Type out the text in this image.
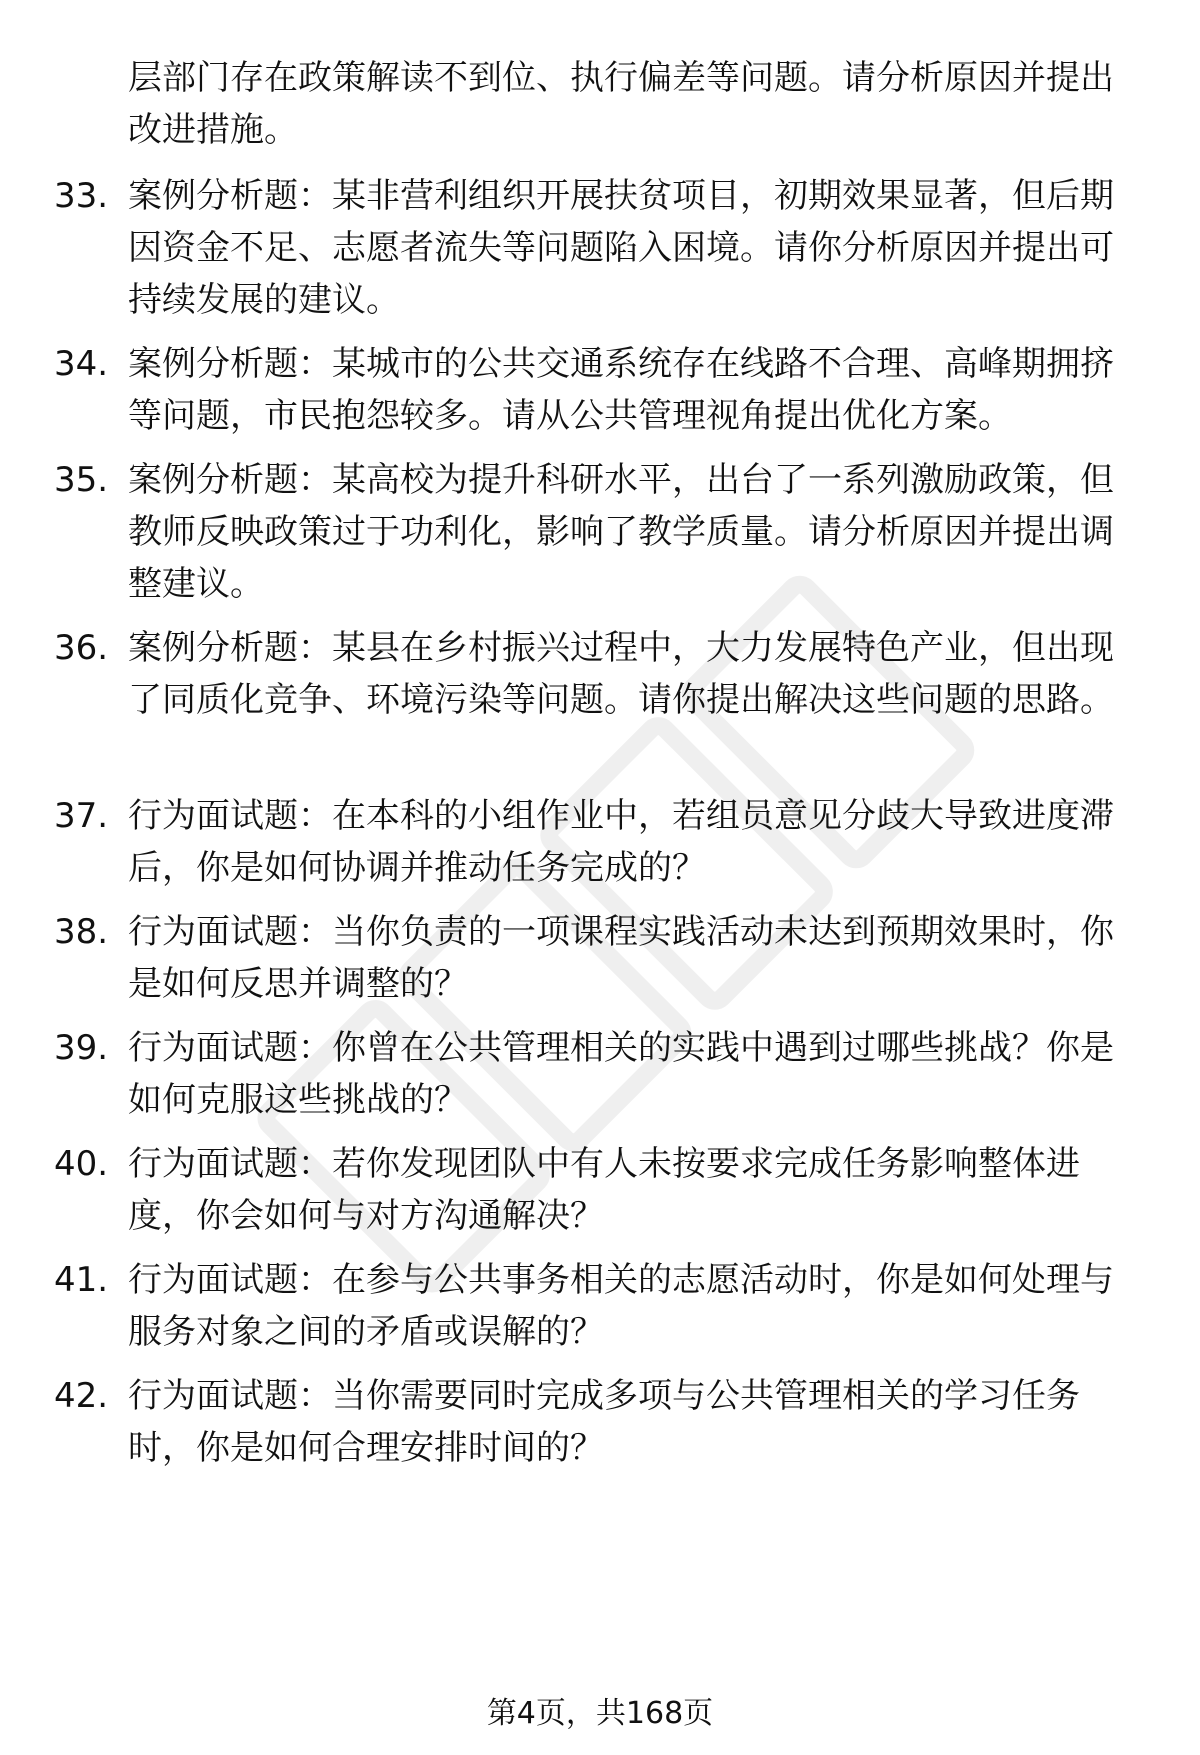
层部门存在政策解读不到位、执行偏差等问题。请分析原因并提出改进措施。
33. 案例分析题：某非营利组织开展扶贫项目，初期效果显著，但后期因资金不足、志愿者流失等问题陷入困境。请你分析原因并提出可持续发展的建议。
34. 案例分析题：某城市的公共交通系统存在线路不合理、高峰期拥挤等问题，市民抱怨较多。请从公共管理视角提出优化方案。
35. 案例分析题：某高校为提升科研水平，出台了一系列激励政策，但教师反映政策过于功利化，影响了教学质量。请分析原因并提出调整建议。
36. 案例分析题：某县在乡村振兴过程中，大力发展特色产业，但出现了同质化竞争、环境污染等问题。请你提出解决这些问题的思路。
37. 行为面试题：在本科的小组作业中，若组员意见分歧大导致进度滞后，你是如何协调并推动任务完成的？
38. 行为面试题：当你负责的一项课程实践活动未达到预期效果时，你是如何反思并调整的？
39. 行为面试题：你曾在公共管理相关的实践中遇到过哪些挑战？你是如何克服这些挑战的？
40. 行为面试题：若你发现团队中有人未按要求完成任务影响整体进度，你会如何与对方沟通解决？
41. 行为面试题：在参与公共事务相关的志愿活动时，你是如何处理与服务对象之间的矛盾或误解的？
42. 行为面试题：当你需要同时完成多项与公共管理相关的学习任务时，你是如何合理安排时间的？
第4页，共168页
